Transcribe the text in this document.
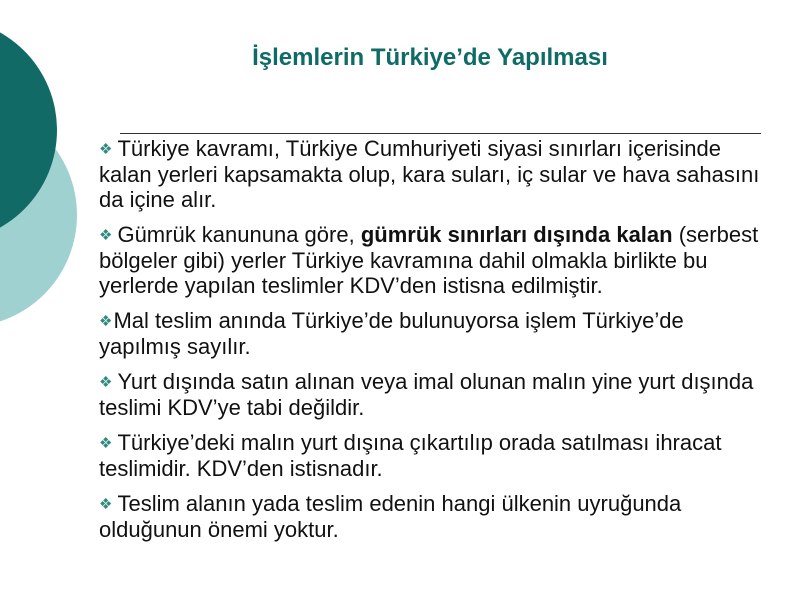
İşlemlerin Türkiye’de Yapılması
❖ Türkiye kavramı, Türkiye Cumhuriyeti siyasi sınırları içerisinde kalan yerleri kapsamakta olup, kara suları, iç sular ve hava sahasını da içine alır.
❖ Gümrük kanununa göre, gümrük sınırları dışında kalan (serbest bölgeler gibi) yerler Türkiye kavramına dahil olmakla birlikte bu yerlerde yapılan teslimler KDV’den istisna edilmiştir.
❖Mal teslim anında Türkiye’de bulunuyorsa işlem Türkiye’de yapılmış sayılır.
❖ Yurt dışında satın alınan veya imal olunan malın yine yurt dışında teslimi KDV’ye tabi değildir.
❖ Türkiye’deki malın yurt dışına çıkartılıp orada satılması ihracat teslimidir. KDV’den istisnadır.
❖ Teslim alanın yada teslim edenin hangi ülkenin uyruğunda olduğunun önemi yoktur.
